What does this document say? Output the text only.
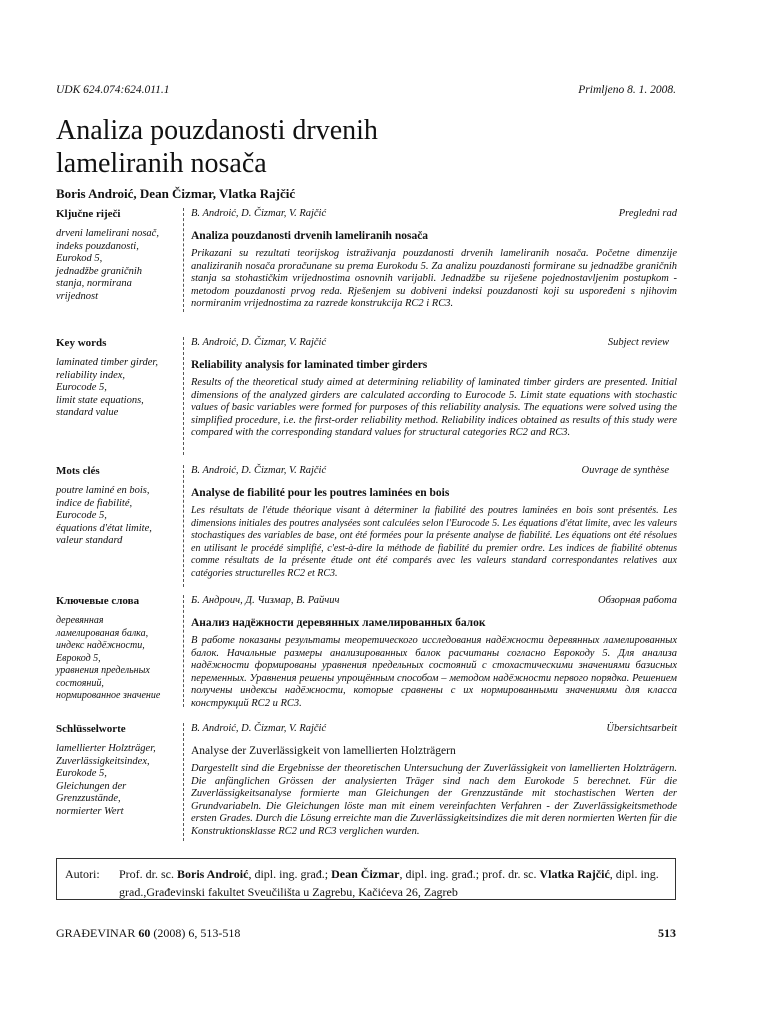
UDK 624.074:624.011.1	Primljeno 8. 1. 2008.
Analiza pouzdanosti drvenih
lameliranih nosača
Boris Androić, Dean Čizmar, Vlatka Rajčić
Ključne riječi
drveni lamelirani nosač,
indeks pouzdanosti,
Eurokod 5,
jednadžbe graničnih
stanja, normirana
vrijednost
B. Androić, D. Čizmar, V. Rajčić	Pregledni rad
Analiza pouzdanosti drvenih lameliranih nosača

Prikazani su rezultati teorijskog istraživanja pouzdanosti drvenih lameliranih nosača. Početne dimenzije analiziranih nosača proračunane su prema Eurokodu 5. Za analizu pouzdanosti formirane su jednadžbe graničnih stanja sa stohastičkim vrijednostima osnovnih varijabli. Jednadžbe su riješene pojednostavljenim postupkom - metodom pouzdanosti prvog reda. Rješenjem su dobiveni indeksi pouzdanosti koji su uspoređeni s njihovim normiranim vrijednostima za razrede konstrukcija RC2 i RC3.

Key words
laminated timber girder,
reliability index,
Eurocode 5,
limit state equations,
standard value
B. Androić, D. Čizmar, V. Rajčić	Subject review
Reliability analysis for laminated timber girders

Results of the theoretical study aimed at determining reliability of laminated timber girders are presented. Initial dimensions of the analyzed girders are calculated according to Eurocode 5. Limit state equations with stochastic values of basic variables were formed for purposes of this reliability analysis. The equations were solved using the simplified procedure, i.e. the first-order reliability method. Reliability indices obtained as results of this study were compared with the corresponding standard values for structural categories RC2 and RC3.

Mots clés
poutre laminé en bois,
indice de fiabilité,
Eurocode 5,
équations d'état limite,
valeur standard
B. Androić, D. Čizmar, V. Rajčić	Ouvrage de synthèse
Analyse de fiabilité pour les poutres laminées en bois

Les résultats de l'étude théorique visant à déterminer la fiabilité des poutres laminées en bois sont présentés. Les dimensions initiales des poutres analysées sont calculées selon l'Eurocode 5. Les équations d'état limite, avec les valeurs stochastiques des variables de base, ont été formées pour la présente analyse de fiabilité. Les équations ont été résolues en utilisant le procédé simplifié, c'est-à-dire la méthode de fiabilité du premier ordre. Les indices de fiabilité obtenus comme résultats de la présente étude ont été comparés avec les valeurs standard correspondantes relatives aux catégories structurelles RC2 et RC3.

Ключевые слова
деревянная
ламелированая балка,
индекс надёжности,
Еврокод 5,
уравнения предельных
состояний,
нормированное значение
Б. Андроич, Д. Чизмар, В. Райчич	Обзорная работа
Анализ надёжности деревянных ламелированных балок

В работе показаны результаты теоретического исследования надёжности деревянных ламелированных балок. Начальные размеры анализированных балок расчитаны согласно Еврокоду 5. Для анализа надёжности формированы уравнения предельных состояний с стохастическими значениями базисных переменных. Уравнения решены упрощённым способом – методом надёжности первого порядка. Решением получены индексы надёжности, которые сравнены с их нормированными значениями для класса конструкций RC2 и RC3.

Schlüsselworte
lamellierter Holzträger,
Zuverlässigkeitsindex,
Eurokode 5,
Gleichungen der
Grenzzustände,
normierter Wert
B. Androić, D. Čizmar, V. Rajčić	Übersichtsarbeit
Analyse der Zuverlässigkeit von lamellierten Holzträgern

Dargestellt sind die Ergebnisse der theoretischen Untersuchung der Zuverlässigkeit von lamellierten Holzträgern. Die anfänglichen Grössen der analysierten Träger sind nach dem Eurokode 5 berechnet. Für die Zuverlässigkeitsanalyse formierte man Gleichungen der Grenzzustände mit stochastischen Werten der Grundvariabeln. Die Gleichungen löste man mit einem vereinfachten Verfahren - der Zuverlässigkeitsmethode ersten Grades. Durch die Lösung erreichte man die Zuverlässigkeitsindizes die mit deren normierten Werten für die Konstruktionsklasse RC2 und RC3 verglichen wurden.

Autori: Prof. dr. sc. Boris Androić, dipl. ing. građ.; Dean Čizmar, dipl. ing. građ.; prof. dr. sc. Vlatka Rajčić, dipl. ing. grad.,Građevinski fakultet Sveučilišta u Zagrebu, Kačićeva 26, Zagreb
GRAĐEVINAR 60 (2008) 6, 513-518	513
